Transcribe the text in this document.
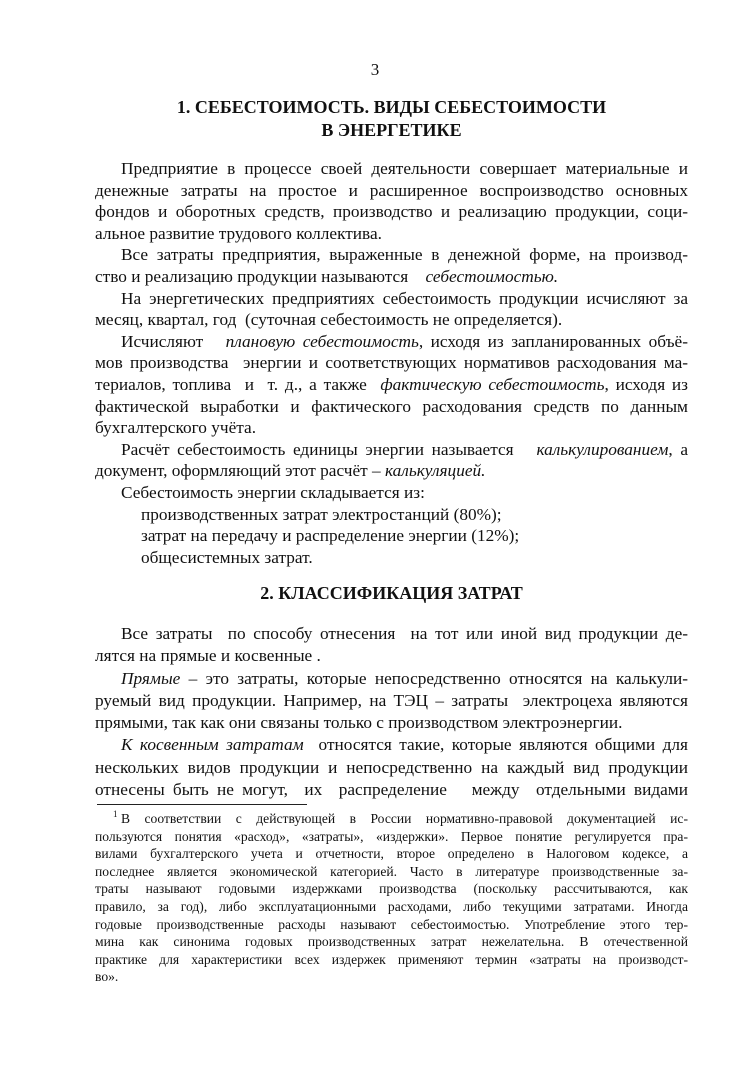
3
1. СЕБЕСТОИМОСТЬ. ВИДЫ СЕБЕСТОИМОСТИ
В ЭНЕРГЕТИКЕ
Предприятие в процессе своей деятельности совершает материальные и
денежные затраты на простое и расширенное воспроизводство основных
фондов и оборотных средств, производство и реализацию продукции, соци-
альное развитие трудового коллектива.
Все затраты предприятия, выраженные в денежной форме, на производ-
ство и реализацию продукции называются    себестоимостью.
На энергетических предприятиях себестоимость продукции исчисляют за
месяц, квартал, год  (суточная себестоимость не определяется).
Исчисляют   плановую себестоимость, исходя из запланированных объё-
мов производства  энергии и соответствующих нормативов расходования ма-
териалов, топлива  и  т. д., а также  фактическую себестоимость, исходя из
фактической выработки и фактического расходования средств по данным
бухгалтерского учёта.
Расчёт себестоимость единицы энергии называется   калькулированием, а
документ, оформляющий этот расчёт – калькуляцией.
Себестоимость энергии складывается из:
производственных затрат электростанций (80%);
затрат на передачу и распределение энергии (12%);
общесистемных затрат.
2. КЛАССИФИКАЦИЯ ЗАТРАТ
Все затраты  по способу отнесения  на тот или иной вид продукции де-
лятся на прямые и косвенные .
Прямые – это затраты, которые непосредственно относятся на калькули-
руемый вид продукции. Например, на ТЭЦ – затраты  электроцеха являются
прямыми, так как они связаны только с производством электроэнергии.
К косвенным затратам  относятся такие, которые являются общими для
нескольких видов продукции и непосредственно на каждый вид продукции
отнесены быть не могут,  их  распределение   между  отдельными видами
1 В соответствии с действующей в России нормативно-правовой документацией ис-
пользуются понятия «расход», «затраты», «издержки». Первое понятие регулируется пра-
вилами бухгалтерского учета и отчетности, второе определено в Налоговом кодексе, а
последнее является экономической категорией. Часто в литературе производственные за-
траты называют годовыми издержками производства (поскольку рассчитываются, как
правило, за год), либо эксплуатационными расходами, либо текущими затратами. Иногда
годовые производственные расходы называют себестоимостью. Употребление этого тер-
мина как синонима годовых производственных затрат нежелательна. В отечественной
практике для характеристики всех издержек применяют термин «затраты на производст-
во».
